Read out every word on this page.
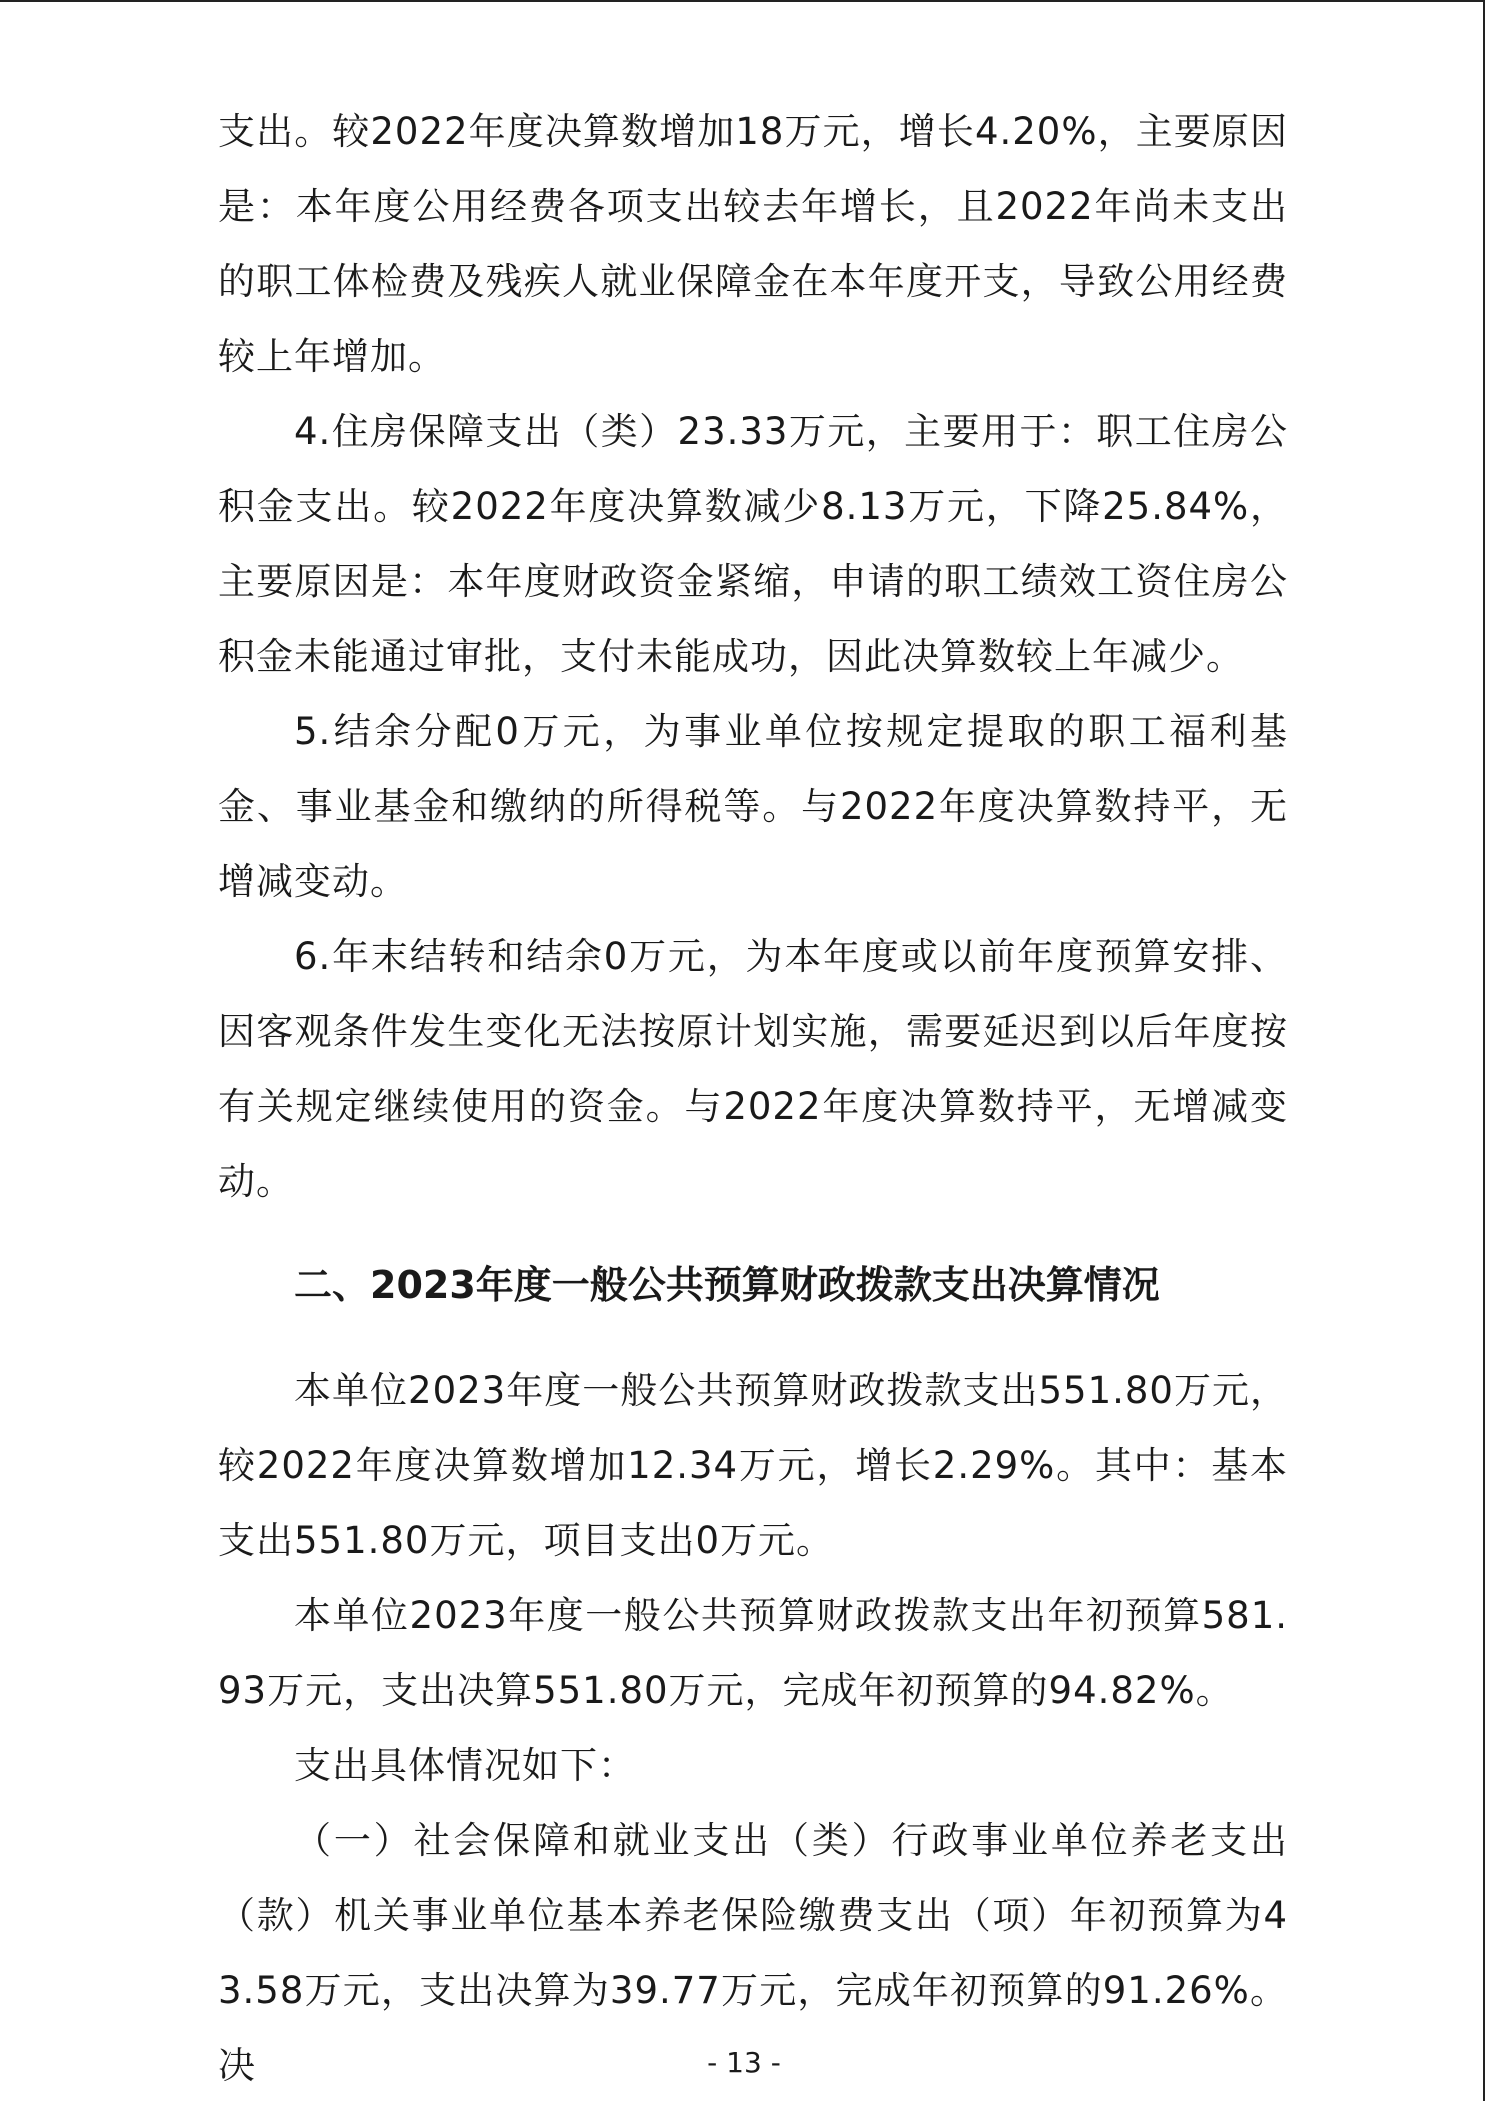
支出。较2022年度决算数增加18万元，增长4.20%，主要原因是：本年度公用经费各项支出较去年增长，且2022年尚未支出的职工体检费及残疾人就业保障金在本年度开支，导致公用经费较上年增加。

4.住房保障支出（类）23.33万元，主要用于：职工住房公积金支出。较2022年度决算数减少8.13万元，下降25.84%，主要原因是：本年度财政资金紧缩，申请的职工绩效工资住房公积金未能通过审批，支付未能成功，因此决算数较上年减少。

5.结余分配0万元，为事业单位按规定提取的职工福利基金、事业基金和缴纳的所得税等。与2022年度决算数持平，无增减变动。

6.年末结转和结余0万元，为本年度或以前年度预算安排、因客观条件发生变化无法按原计划实施，需要延迟到以后年度按有关规定继续使用的资金。与2022年度决算数持平，无增减变动。

二、2023年度一般公共预算财政拨款支出决算情况

本单位2023年度一般公共预算财政拨款支出551.80万元，较2022年度决算数增加12.34万元，增长2.29%。其中：基本支出551.80万元，项目支出0万元。

本单位2023年度一般公共预算财政拨款支出年初预算581.93万元，支出决算551.80万元，完成年初预算的94.82%。

支出具体情况如下：

（一）社会保障和就业支出（类）行政事业单位养老支出（款）机关事业单位基本养老保险缴费支出（项）年初预算为43.58万元，支出决算为39.77万元，完成年初预算的91.26%。决	- 13 -
